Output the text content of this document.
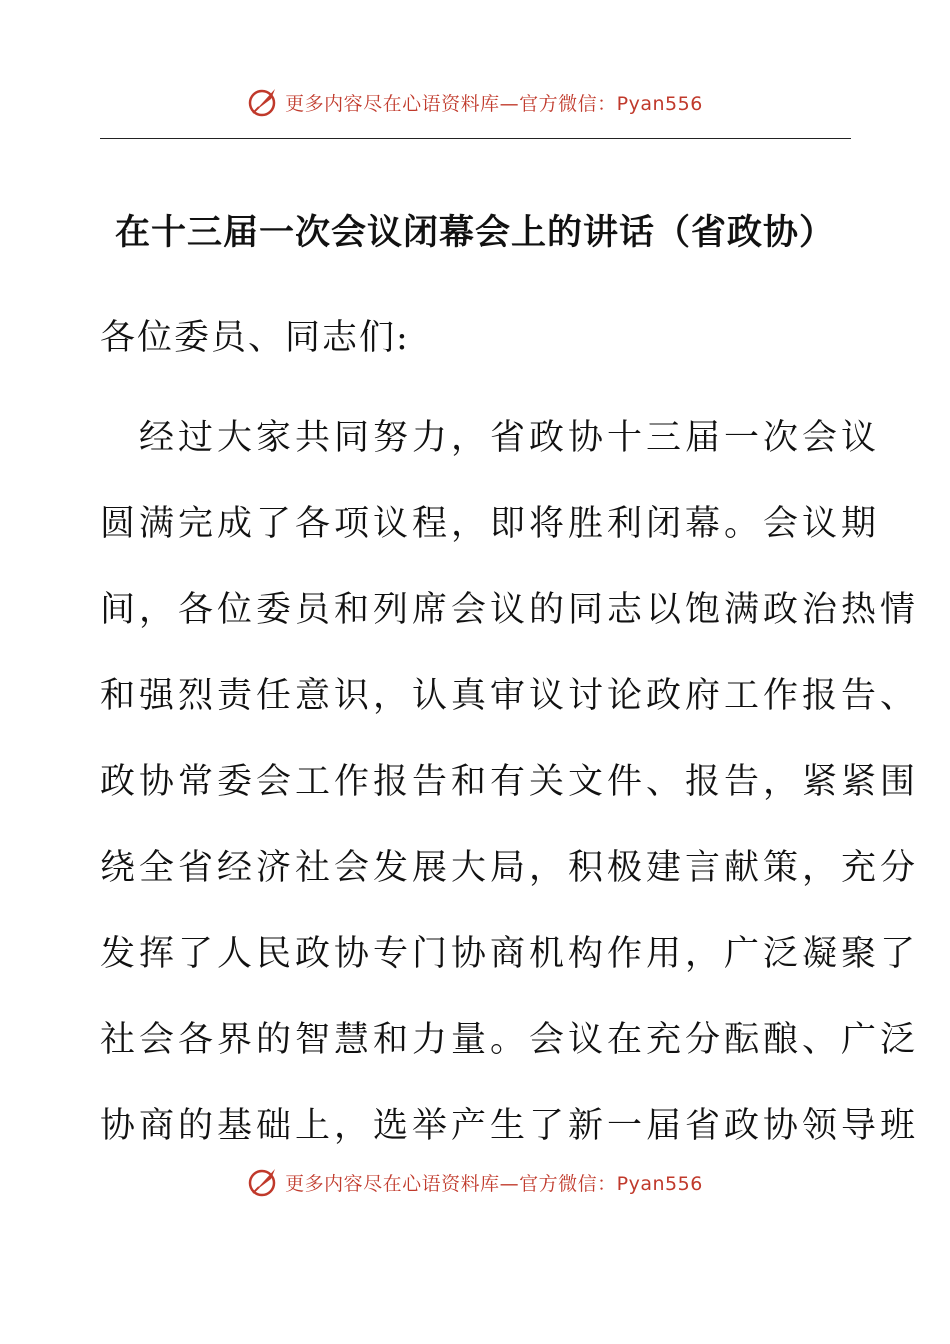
更多内容尽在心语资料库—官方微信：Pyan556
在十三届一次会议闭幕会上的讲话（省政协）
各位委员、同志们:
　经过大家共同努力，省政协十三届一次会议
圆满完成了各项议程，即将胜利闭幕。会议期
间，各位委员和列席会议的同志以饱满政治热情
和强烈责任意识，认真审议讨论政府工作报告、
政协常委会工作报告和有关文件、报告，紧紧围
绕全省经济社会发展大局，积极建言献策，充分
发挥了人民政协专门协商机构作用，广泛凝聚了
社会各界的智慧和力量。会议在充分酝酿、广泛
协商的基础上，选举产生了新一届省政协领导班
更多内容尽在心语资料库—官方微信：Pyan556
